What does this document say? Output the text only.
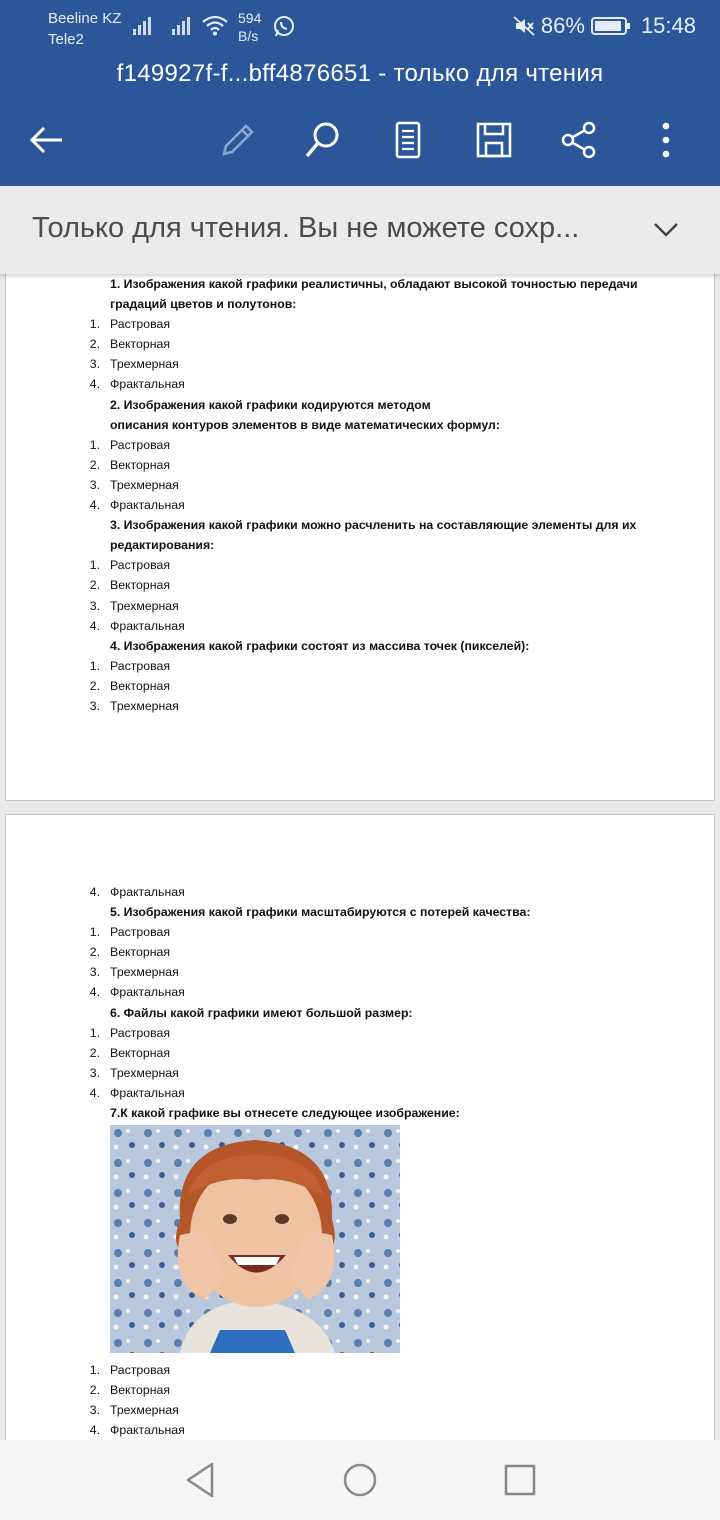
Beeline KZ
Tele2
594
B/s	86%	15:48
f149927f-f...bff4876651 - только для чтения
Только для чтения. Вы не можете сохр...
1. Изображения какой графики реалистичны, обладают высокой точностью передачи
градаций цветов и полутонов:
1. Растровая
2. Векторная
3. Трехмерная
4. Фрактальная
2. Изображения какой графики кодируются методом
описания контуров элементов в виде математических формул:
1. Растровая
2. Векторная
3. Трехмерная
4. Фрактальная
3. Изображения какой графики можно расчленить на составляющие элементы для их
редактирования:
1. Растровая
2. Векторная
3. Трехмерная
4. Фрактальная
4. Изображения какой графики состоят из массива точек (пикселей):
1. Растровая
2. Векторная
3. Трехмерная
4. Фрактальная
5. Изображения какой графики масштабируются с потерей качества:
1. Растровая
2. Векторная
3. Трехмерная
4. Фрактальная
6. Файлы какой графики имеют большой размер:
1. Растровая
2. Векторная
3. Трехмерная
4. Фрактальная
7.К какой графике вы отнесете следующее изображение:
1. Растровая
2. Векторная
3. Трехмерная
4. Фрактальная
